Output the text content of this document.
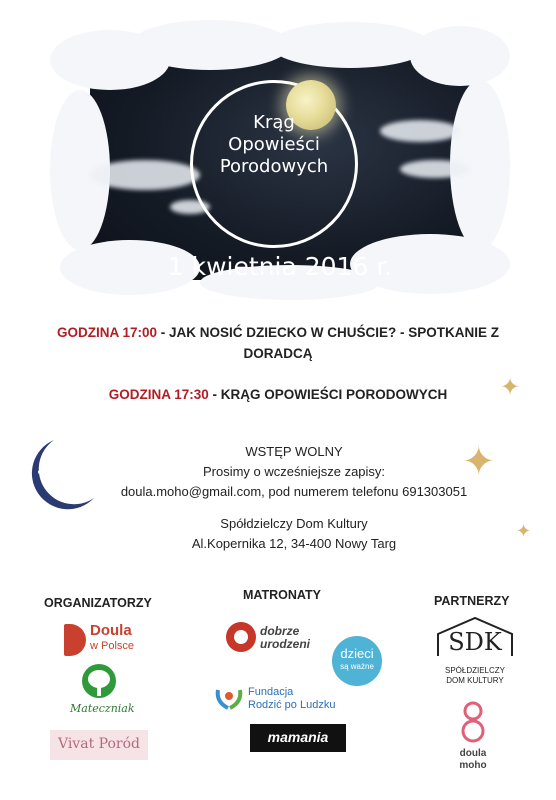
Krąg
Opowieści
Porodowych
1 kwietnia 2016 r.
GODZINA 17:00 - JAK NOSIĆ DZIECKO W CHUŚCIE? - SPOTKANIE Z DORADCĄ
GODZINA 17:30 - KRĄG OPOWIEŚCI PORODOWYCH	✦
✦
✦
WSTĘP WOLNY
Prosimy o wcześniejsze zapisy:
doula.moho@gmail.com, pod numerem telefonu 691303051
Spółdzielczy Dom Kultury
Al.Kopernika 12, 34-400 Nowy Targ
ORGANIZATORZY
MATRONATY	PARTNERZY
Doula
w Polsce
Mateczniak
Vivat Poród
dobrze
urodzeni
dzieci
są ważne
Fundacja
Rodzić po Ludzku
mamania
SDK
SPÓŁDZIELCZY
DOM KULTURY
doula
moho
